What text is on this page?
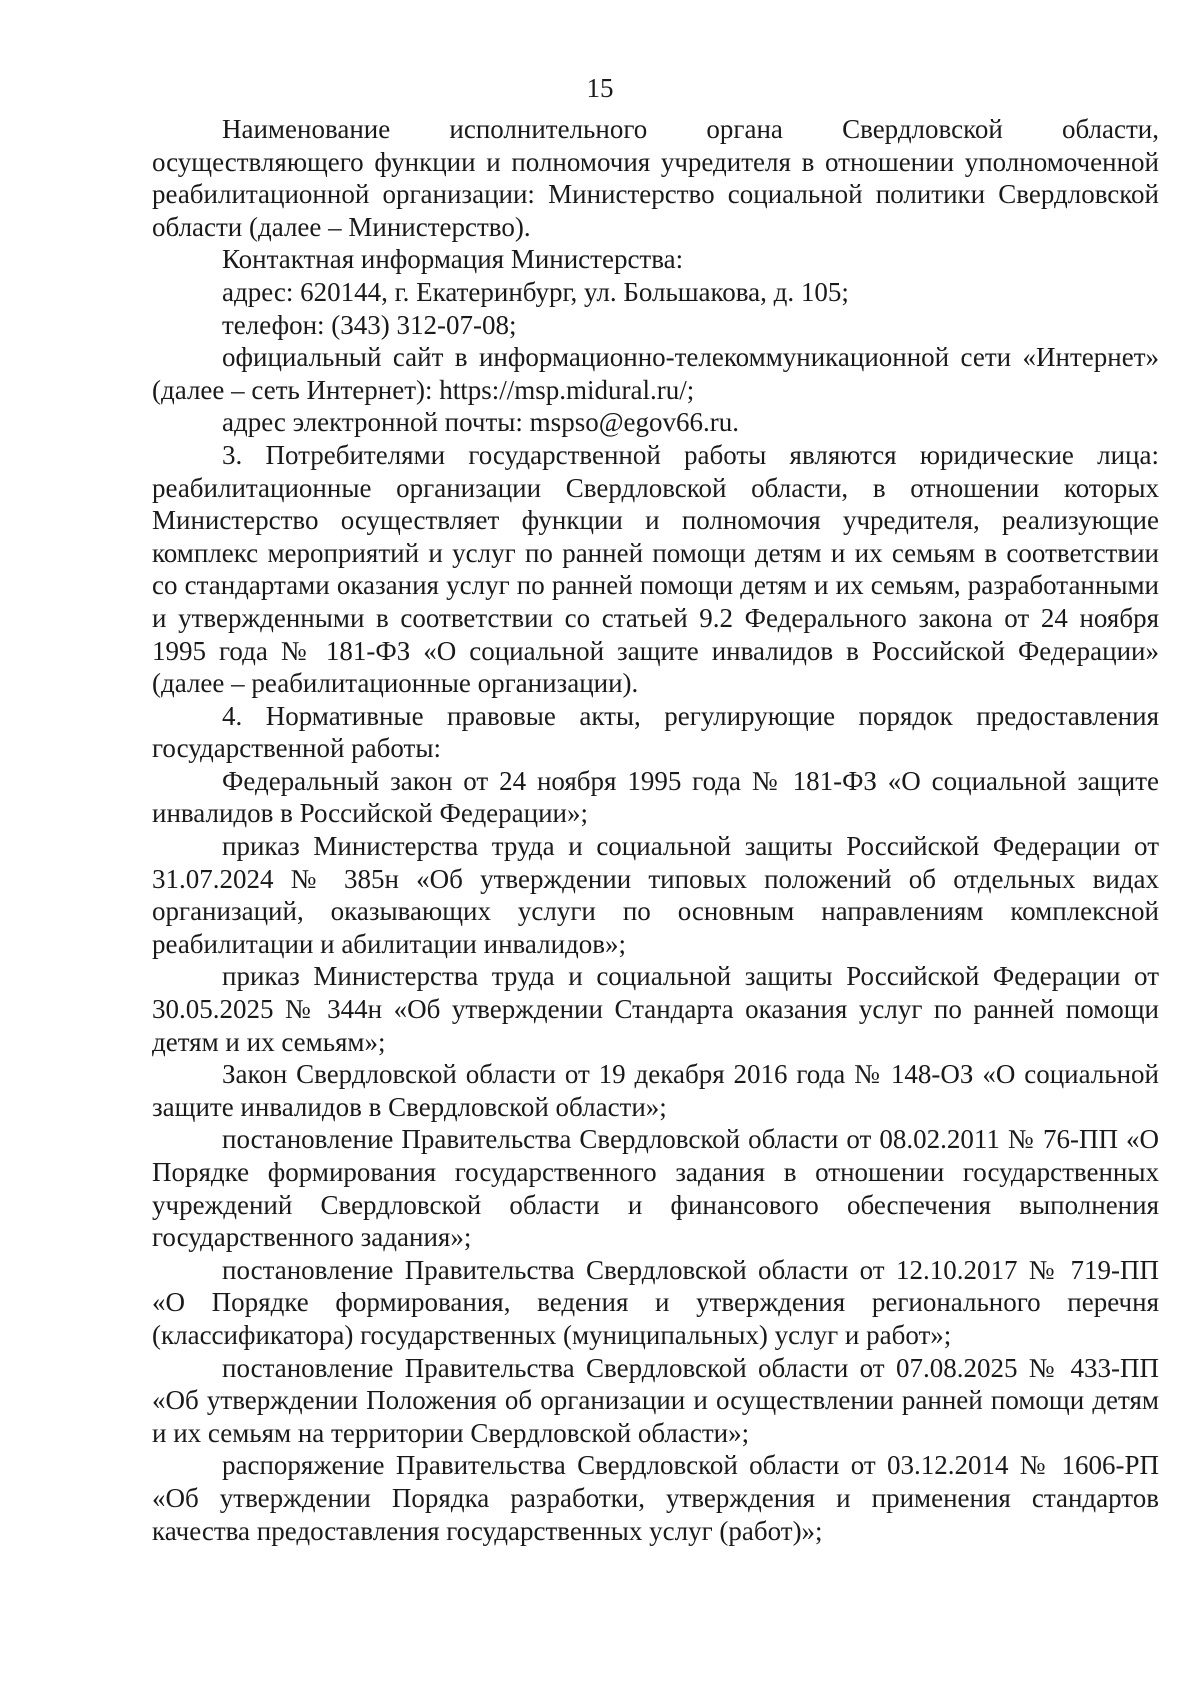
15

Наименование исполнительного органа Свердловской области, осуществляющего функции и полномочия учредителя в отношении уполномоченной реабилитационной организации: Министерство социальной политики Свердловской области (далее – Министерство).

Контактная информация Министерства:

адрес: 620144, г. Екатеринбург, ул. Большакова, д. 105;

телефон: (343) 312-07-08;

официальный сайт в информационно-телекоммуникационной сети «Интернет» (далее – сеть Интернет): https://msp.midural.ru/;

адрес электронной почты: mspso@egov66.ru.

3. Потребителями государственной работы являются юридические лица: реабилитационные организации Свердловской области, в отношении которых Министерство осуществляет функции и полномочия учредителя, реализующие комплекс мероприятий и услуг по ранней помощи детям и их семьям в соответствии со стандартами оказания услуг по ранней помощи детям и их семьям, разработанными и утвержденными в соответствии со статьей 9.2 Федерального закона от 24 ноября 1995 года № 181-ФЗ «О социальной защите инвалидов в Российской Федерации» (далее – реабилитационные организации).

4. Нормативные правовые акты, регулирующие порядок предоставления государственной работы:

Федеральный закон от 24 ноября 1995 года № 181-ФЗ «О социальной защите инвалидов в Российской Федерации»;

приказ Министерства труда и социальной защиты Российской Федерации от 31.07.2024 № 385н «Об утверждении типовых положений об отдельных видах организаций, оказывающих услуги по основным направлениям комплексной реабилитации и абилитации инвалидов»;

приказ Министерства труда и социальной защиты Российской Федерации от 30.05.2025 № 344н «Об утверждении Стандарта оказания услуг по ранней помощи детям и их семьям»;

Закон Свердловской области от 19 декабря 2016 года № 148-ОЗ «О социальной защите инвалидов в Свердловской области»;

постановление Правительства Свердловской области от 08.02.2011 № 76-ПП «О Порядке формирования государственного задания в отношении государственных учреждений Свердловской области и финансового обеспечения выполнения государственного задания»;

постановление Правительства Свердловской области от 12.10.2017 № 719-ПП «О Порядке формирования, ведения и утверждения регионального перечня (классификатора) государственных (муниципальных) услуг и работ»;

постановление Правительства Свердловской области от 07.08.2025 № 433-ПП «Об утверждении Положения об организации и осуществлении ранней помощи детям и их семьям на территории Свердловской области»;

распоряжение Правительства Свердловской области от 03.12.2014 № 1606-РП «Об утверждении Порядка разработки, утверждения и применения стандартов качества предоставления государственных услуг (работ)»;
